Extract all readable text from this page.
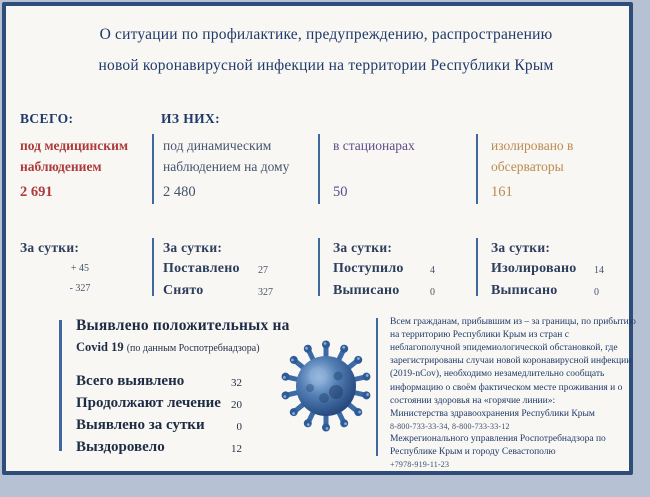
О ситуации по профилактике, предупреждению, распространению
новой коронавирусной инфекции на территории Республики Крым
ВСЕГО:	ИЗ НИХ:
под медицинским наблюдением
2 691
под динамическим наблюдением на дому
2 480
в стационарах
50
изолировано в обсерваторы
161
За сутки:
+ 45
- 327
За сутки:
Поставлено 27
Снято	327
За сутки:
Поступило	4
Выписано	0
За сутки:
Изолировано 14
Выписано	0
Выявлено положительных на
Covid 19 (по данным Роспотребнадзора)
Всего выявлено	32
Продолжают лечение 20
Выявлено за сутки	0
Выздоровело	12
Всем гражданам, прибывшим из – за границы, по прибытию на территорию Республики Крым из стран с неблагополучной эпидемиологической обстановкой, где зарегистрированы случаи новой коронавирусной инфекции (2019-nCov), необходимо незамедлительно сообщать информацию о своём фактическом месте проживания и о состоянии здоровья на «горячие линии»:
Министерства здравоохранения Республики Крым
8-800-733-33-34, 8-800-733-33-12
Межрегионального управления Роспотребнадзора по Республике Крым и городу Севастополю
+7978-919-11-23
